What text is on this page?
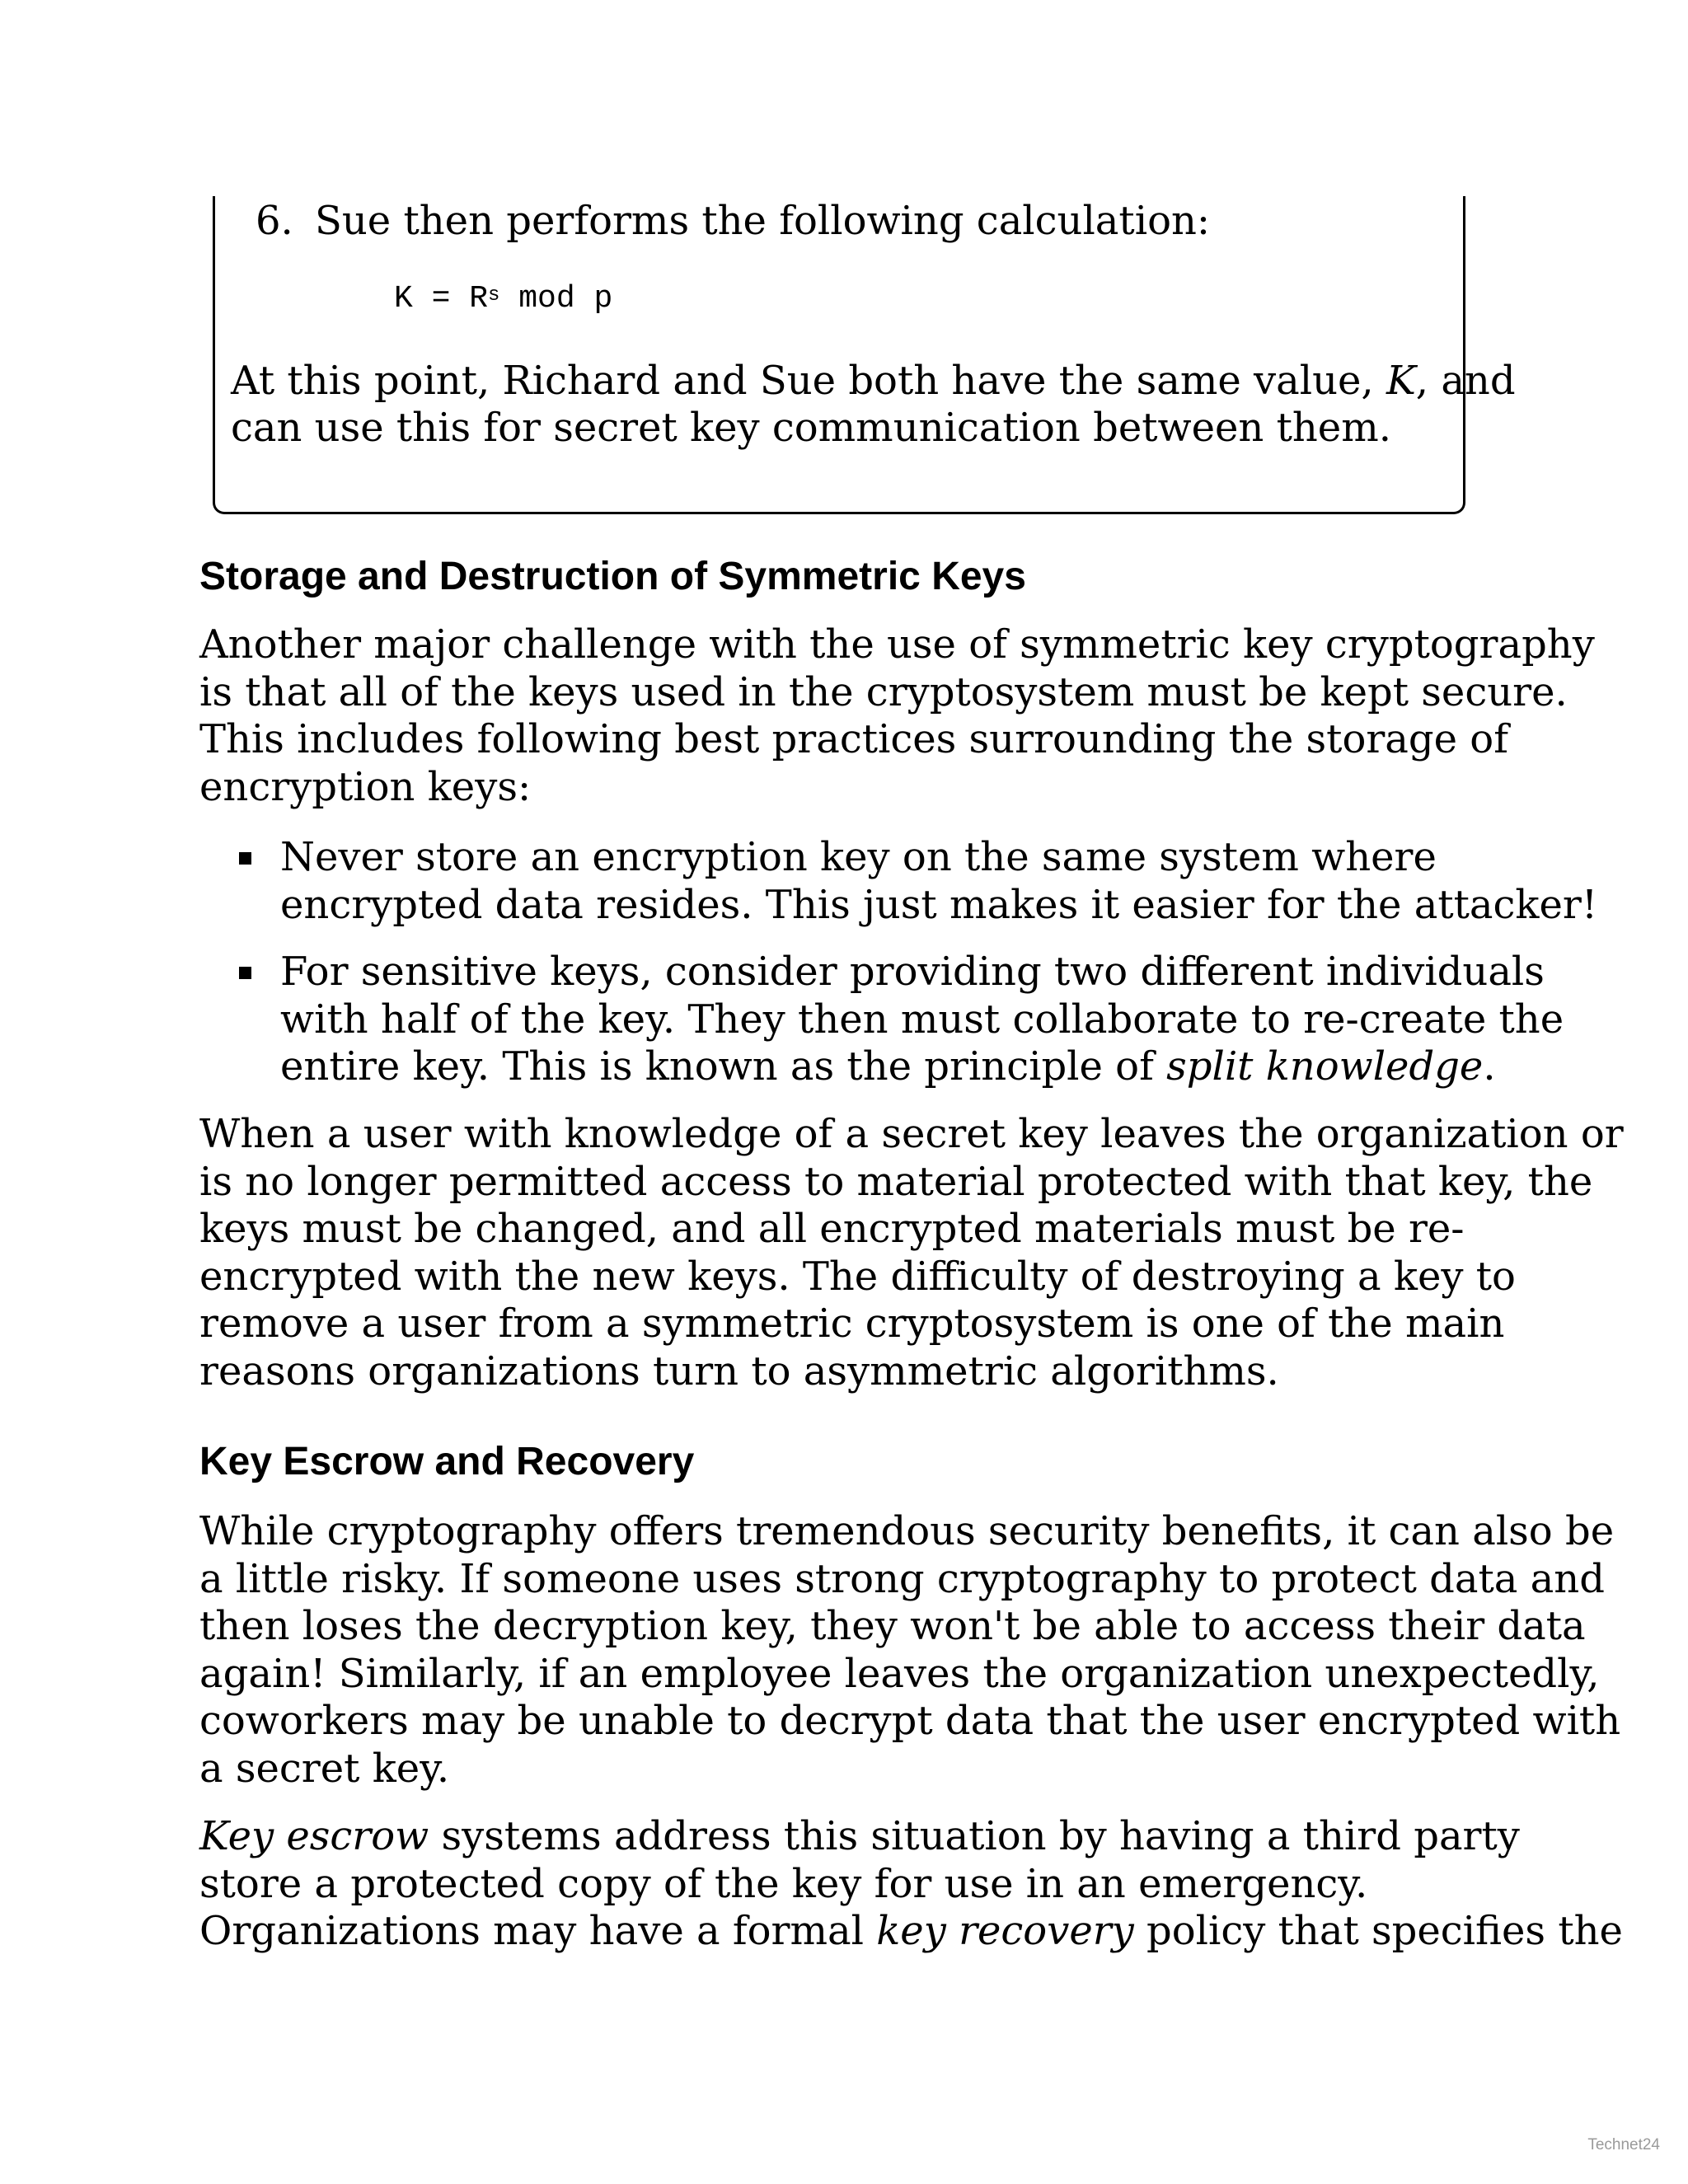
6. Sue then performs the following calculation:
$K = R^s$ mod p
At this point, Richard and Sue both have the same value, K, and
can use this for secret key communication between them.
Storage and Destruction of Symmetric Keys
Another major challenge with the use of symmetric key cryptography
is that all of the keys used in the cryptosystem must be kept secure.
This includes following best practices surrounding the storage of
encryption keys:
Never store an encryption key on the same system where
encrypted data resides. This just makes it easier for the attacker!
For sensitive keys, consider providing two different individuals
with half of the key. They then must collaborate to re-create the
entire key. This is known as the principle of split knowledge.
When a user with knowledge of a secret key leaves the organization or
is no longer permitted access to material protected with that key, the
keys must be changed, and all encrypted materials must be re-
encrypted with the new keys. The difficulty of destroying a key to
remove a user from a symmetric cryptosystem is one of the main
reasons organizations turn to asymmetric algorithms.
Key Escrow and Recovery
While cryptography offers tremendous security benefits, it can also be
a little risky. If someone uses strong cryptography to protect data and
then loses the decryption key, they won't be able to access their data
again! Similarly, if an employee leaves the organization unexpectedly,
coworkers may be unable to decrypt data that the user encrypted with
a secret key.
Key escrow systems address this situation by having a third party
store a protected copy of the key for use in an emergency.
Organizations may have a formal key recovery policy that specifies the
Technet24
